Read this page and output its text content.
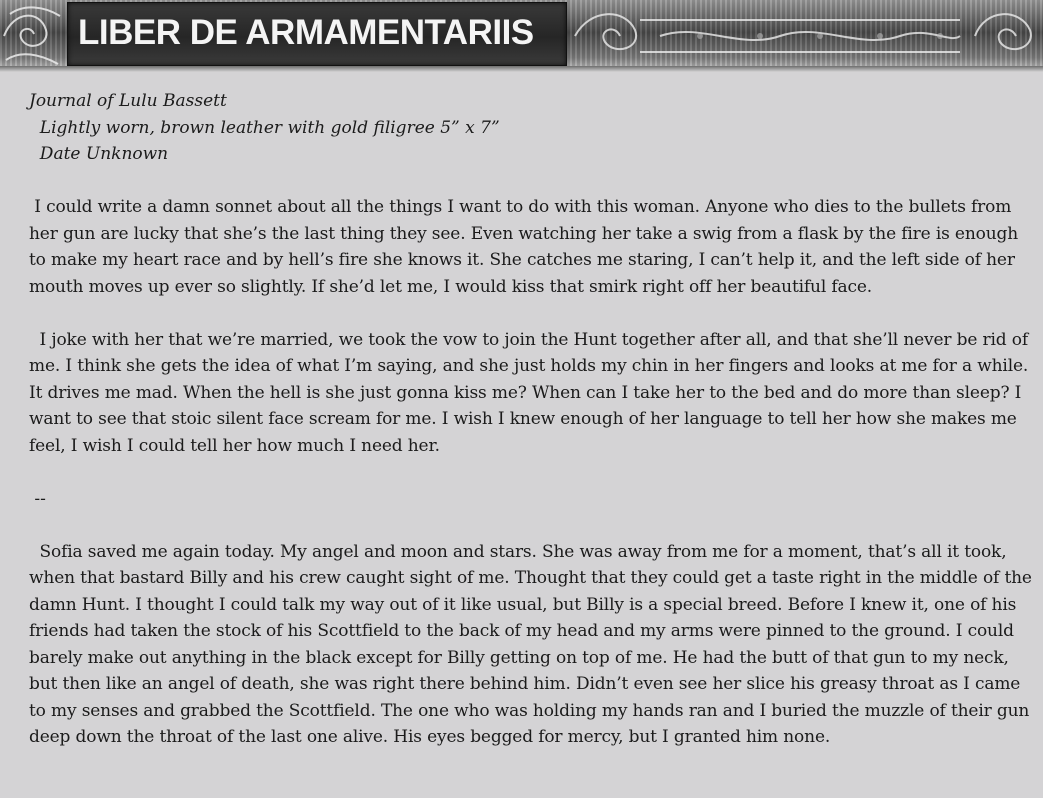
LIBER DE ARMAMENTARIIS

Journal of Lulu Bassett

Lightly worn, brown leather with gold filigree 5” x 7”

Date Unknown

I could write a damn sonnet about all the things I want to do with this woman. Anyone who dies to the bullets from her gun are lucky that she’s the last thing they see. Even watching her take a swig from a flask by the fire is enough to make my heart race and by hell’s fire she knows it. She catches me staring, I can’t help it, and the left side of her mouth moves up ever so slightly. If she’d let me, I would kiss that smirk right off her beautiful face.

I joke with her that we’re married, we took the vow to join the Hunt together after all, and that she’ll never be rid of me. I think she gets the idea of what I’m saying, and she just holds my chin in her fingers and looks at me for a while. It drives me mad. When the hell is she just gonna kiss me? When can I take her to the bed and do more than sleep? I want to see that stoic silent face scream for me. I wish I knew enough of her language to tell her how she makes me feel, I wish I could tell her how much I need her.

--

Sofia saved me again today. My angel and moon and stars. She was away from me for a moment, that’s all it took, when that bastard Billy and his crew caught sight of me. Thought that they could get a taste right in the middle of the damn Hunt. I thought I could talk my way out of it like usual, but Billy is a special breed. Before I knew it, one of his friends had taken the stock of his Scottfield to the back of my head and my arms were pinned to the ground. I could barely make out anything in the black except for Billy getting on top of me. He had the butt of that gun to my neck, but then like an angel of death, she was right there behind him. Didn’t even see her slice his greasy throat as I came to my senses and grabbed the Scottfield. The one who was holding my hands ran and I buried the muzzle of their gun deep down the throat of the last one alive. His eyes begged for mercy, but I granted him none.
